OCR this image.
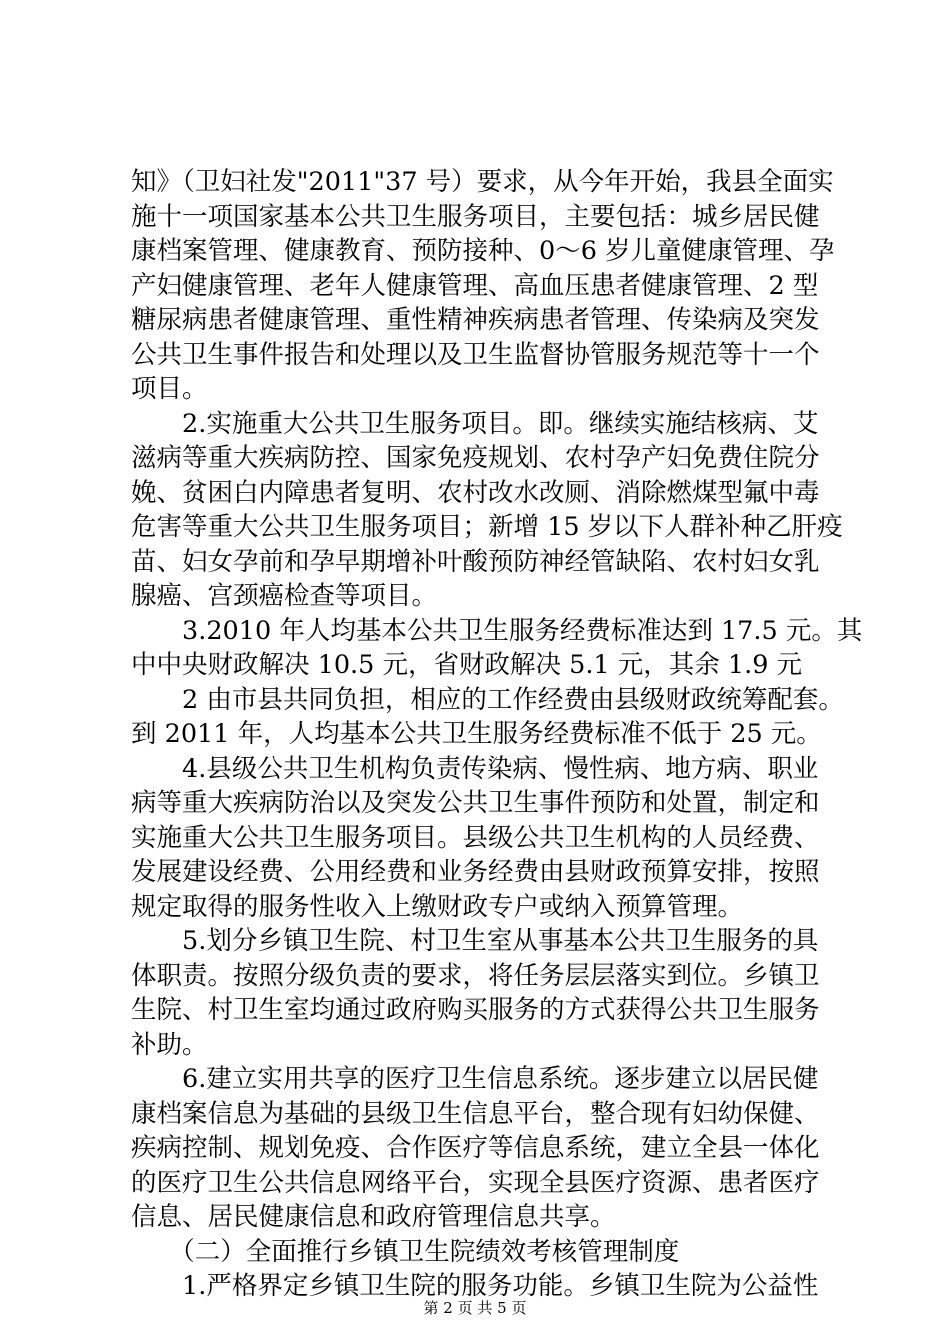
知》（卫妇社发"2011"37 号）要求，从今年开始，我县全面实
施十一项国家基本公共卫生服务项目，主要包括：城乡居民健
康档案管理、健康教育、预防接种、0～6 岁儿童健康管理、孕
产妇健康管理、老年人健康管理、高血压患者健康管理、2 型
糖尿病患者健康管理、重性精神疾病患者管理、传染病及突发
公共卫生事件报告和处理以及卫生监督协管服务规范等十一个
项目。
　　2.实施重大公共卫生服务项目。即。继续实施结核病、艾
滋病等重大疾病防控、国家免疫规划、农村孕产妇免费住院分
娩、贫困白内障患者复明、农村改水改厕、消除燃煤型氟中毒
危害等重大公共卫生服务项目；新增 15 岁以下人群补种乙肝疫
苗、妇女孕前和孕早期增补叶酸预防神经管缺陷、农村妇女乳
腺癌、宫颈癌检查等项目。
　　3.2010 年人均基本公共卫生服务经费标准达到 17.5 元。其
中中央财政解决 10.5 元，省财政解决 5.1 元，其余 1.9 元
　　2 由市县共同负担，相应的工作经费由县级财政统筹配套。
到 2011 年，人均基本公共卫生服务经费标准不低于 25 元。
　　4.县级公共卫生机构负责传染病、慢性病、地方病、职业
病等重大疾病防治以及突发公共卫生事件预防和处置，制定和
实施重大公共卫生服务项目。县级公共卫生机构的人员经费、
发展建设经费、公用经费和业务经费由县财政预算安排，按照
规定取得的服务性收入上缴财政专户或纳入预算管理。
　　5.划分乡镇卫生院、村卫生室从事基本公共卫生服务的具
体职责。按照分级负责的要求，将任务层层落实到位。乡镇卫
生院、村卫生室均通过政府购买服务的方式获得公共卫生服务
补助。
　　6.建立实用共享的医疗卫生信息系统。逐步建立以居民健
康档案信息为基础的县级卫生信息平台，整合现有妇幼保健、
疾病控制、规划免疫、合作医疗等信息系统，建立全县一体化
的医疗卫生公共信息网络平台，实现全县医疗资源、患者医疗
信息、居民健康信息和政府管理信息共享。
　　（二）全面推行乡镇卫生院绩效考核管理制度
　　1.严格界定乡镇卫生院的服务功能。乡镇卫生院为公益性
第 2 页 共 5 页
